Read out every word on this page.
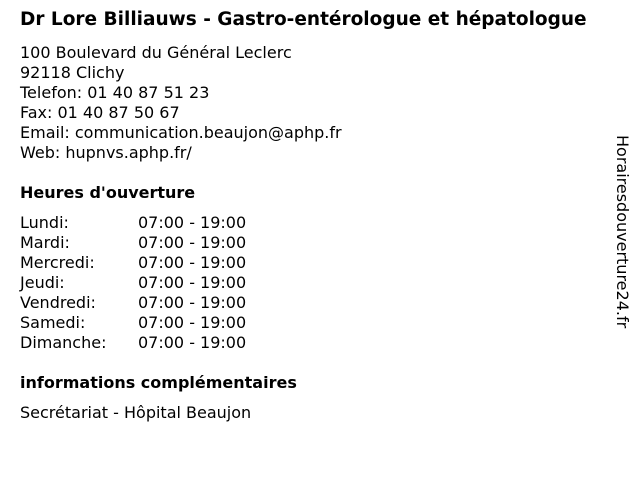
Dr Lore Billiauws - Gastro-entérologue et hépatologue
100 Boulevard du Général Leclerc
92118 Clichy
Telefon: 01 40 87 51 23
Fax: 01 40 87 50 67
Email: communication.beaujon@aphp.fr
Web: hupnvs.aphp.fr/
Heures d'ouverture
Lundi:	07:00 - 19:00
Mardi:	07:00 - 19:00
Mercredi:	07:00 - 19:00
Jeudi:	07:00 - 19:00
Vendredi:	07:00 - 19:00
Samedi:	07:00 - 19:00
Dimanche:	07:00 - 19:00
informations complémentaires
Secrétariat - Hôpital Beaujon
Horairesdouverture24.fr
